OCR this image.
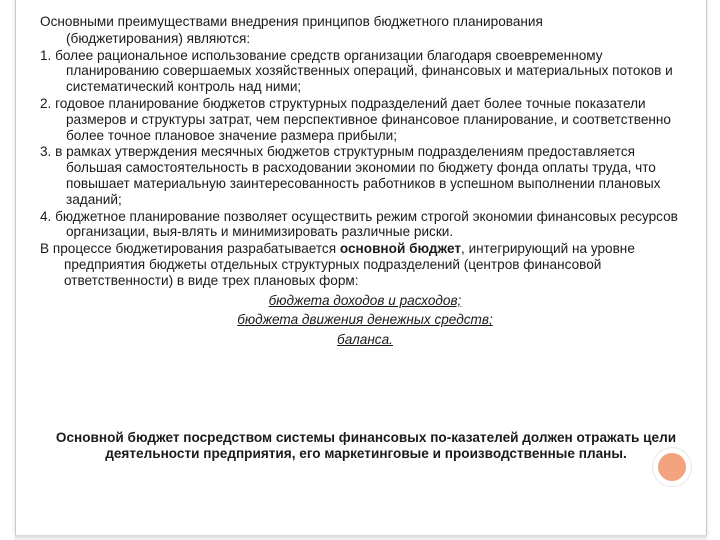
Основными преимуществами внедрения принципов бюджетного планирования

(бюджетирования) являются:

1. более рациональное использование средств организации благодаря своевременному планированию совершаемых хозяйственных операций, финансовых и материальных потоков и систематический контроль над ними;

2. годовое планирование бюджетов структурных подразделений дает более точные показатели размеров и структуры затрат, чем перспективное финансовое планирование, и соответственно более точное плановое значение размера прибыли;

3. в рамках утверждения месячных бюджетов структурным подразделениям предоставляется большая самостоятельность в расходовании экономии по бюджету фонда оплаты труда, что повышает материальную заинтересованность работников в успешном выполнении плановых заданий;

4. бюджетное планирование позволяет осуществить режим строгой экономии финансовых ресурсов организации, выя-влять и минимизировать различные риски.

В процессе бюджетирования разрабатывается основной бюджет, интегрирующий на уровне предприятия бюджеты отдельных структурных подразделений (центров финансовой ответственности) в виде трех плановых форм:

бюджета доходов и расходов;

бюджета движения денежных средств;

баланса.

Основной бюджет посредством системы финансовых по-казателей должен отражать цели деятельности предприятия, его маркетинговые и производственные планы.
